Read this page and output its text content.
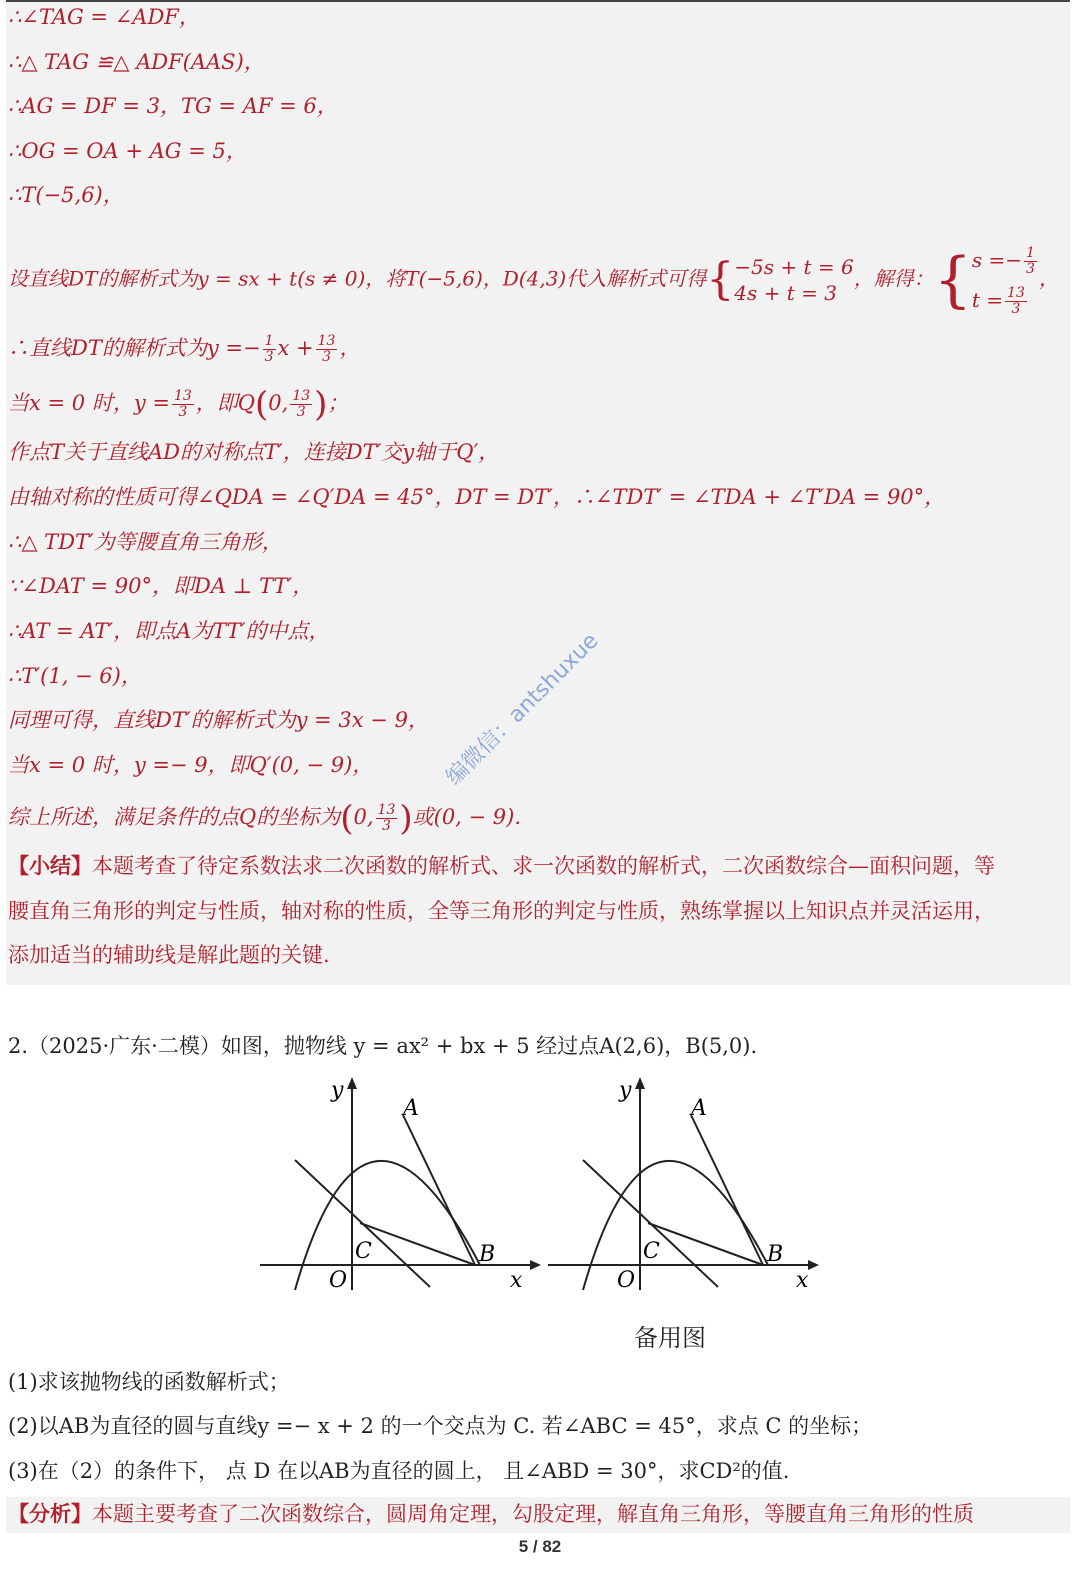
∴∠TAG = ∠ADF，
∴△ TAG ≌△ ADF(AAS)，
∴AG = DF = 3，TG = AF = 6，
∴OG = OA + AG = 5，
∴T(−5,6)，
设直线DT的解析式为y = sx + t(s ≠ 0)，将T(−5,6)，D(4,3)代入解析式可得{ −5s + t = 6
4s + t = 3
，解得：{ $s =- \frac{1}{3}$
$t = \frac{13}{3}$
，
∴直线DT的解析式为$y =- \frac{1}{3}$ $x + \frac{13}{3}$ ，
当x = 0 时，$y = \frac{13}{3}$ ，即Q(0, $\frac{13}{3}$ )；
作点T关于直线AD的对称点T′，连接DT′交y轴于Q′，
由轴对称的性质可得∠QDA = ∠Q′DA = 45°，DT = DT′，∴∠TDT′ = ∠TDA + ∠T′DA = 90°，
∴△ TDT′为等腰直角三角形，
∵∠DAT = 90°，即DA ⊥ TT′，
∴AT = AT′，即点A为TT′的中点，
∴T′(1, − 6)，
同理可得，直线DT′的解析式为y = 3x − 9，
当x = 0 时，y =− 9，即Q′(0, − 9)，
综上所述，满足条件的点Q的坐标为(0, $\frac{13}{3}$ )或(0, − 9).
【小结】本题考查了待定系数法求二次函数的解析式、求一次函数的解析式，二次函数综合—面积问题，等
腰直角三角形的判定与性质，轴对称的性质，全等三角形的判定与性质，熟练掌握以上知识点并灵活运用，
添加适当的辅助线是解此题的关键.
编微信：antshuxue
2.（2025·广东·二模）如图，抛物线 y = ax² + bx + 5 经过点A(2,6)，B(5,0).
y
A
C	B
O	x
y
A
C	B
O	x
备用图
(1)求该抛物线的函数解析式；
(2)以AB为直径的圆与直线y =− x + 2 的一个交点为 C. 若∠ABC = 45°，求点 C 的坐标；
(3)在（2）的条件下， 点 D 在以AB为直径的圆上， 且∠ABD = 30°，求CD²的值.
【分析】本题主要考查了二次函数综合，圆周角定理，勾股定理，解直角三角形，等腰直角三角形的性质
5 / 82
